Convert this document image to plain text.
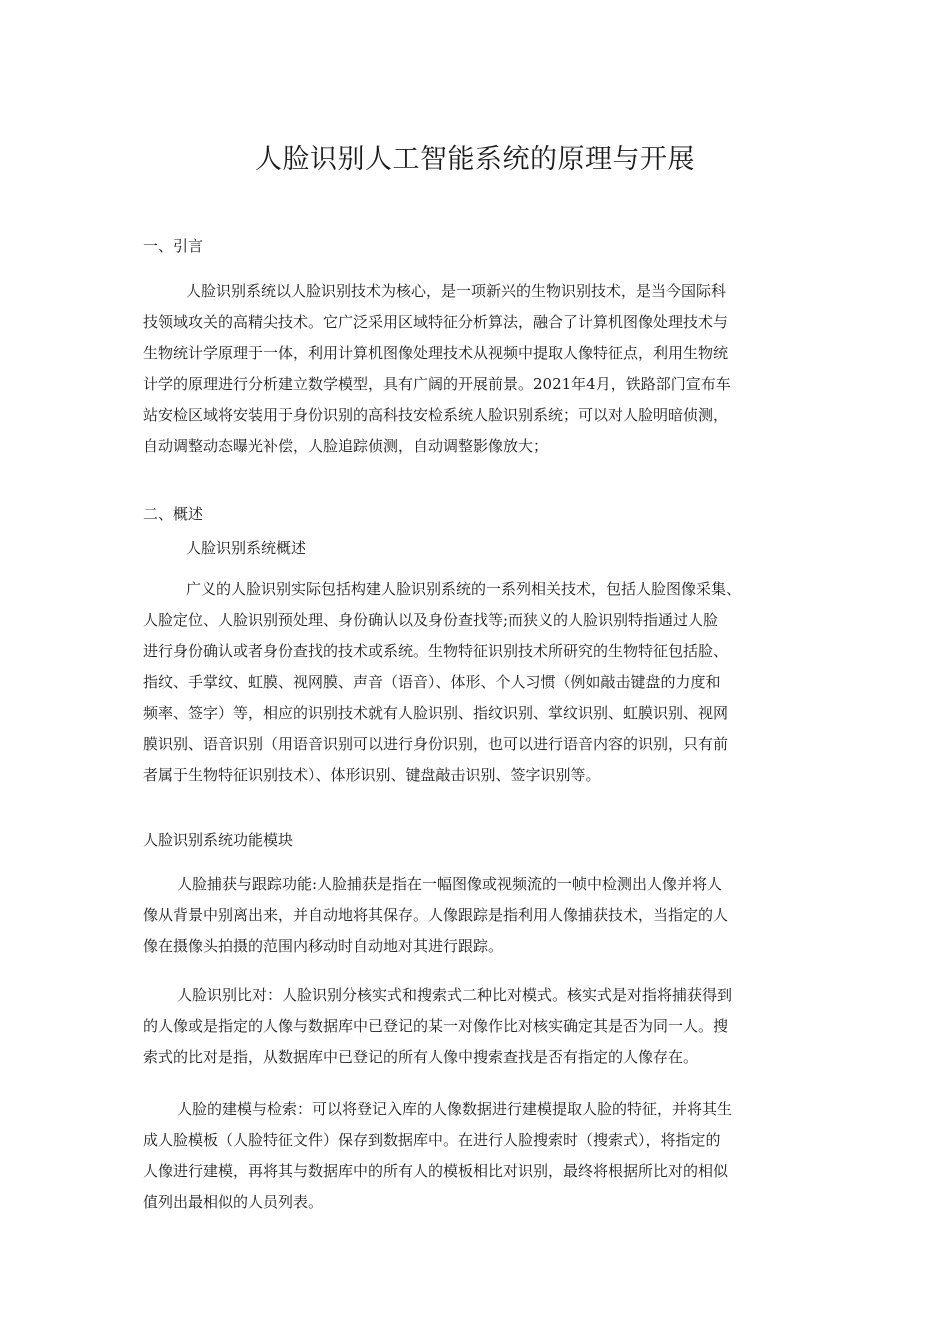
人脸识别人工智能系统的原理与开展
一、引言
人脸识别系统以人脸识别技术为核心，是一项新兴的生物识别技术，是当今国际科
技领域攻关的高精尖技术。它广泛采用区域特征分析算法，融合了计算机图像处理技术与
生物统计学原理于一体，利用计算机图像处理技术从视频中提取人像特征点，利用生物统
计学的原理进行分析建立数学模型，具有广阔的开展前景。2021年4月，铁路部门宣布车
站安检区域将安装用于身份识别的高科技安检系统人脸识别系统；可以对人脸明暗侦测，
自动调整动态曝光补偿，人脸追踪侦测，自动调整影像放大；
二、概述
人脸识别系统概述
广义的人脸识别实际包括构建人脸识别系统的一系列相关技术，包括人脸图像采集、
人脸定位、人脸识别预处理、身份确认以及身份查找等;而狭义的人脸识别特指通过人脸
进行身份确认或者身份查找的技术或系统。生物特征识别技术所研究的生物特征包括脸、
指纹、手掌纹、虹膜、视网膜、声音（语音）、体形、个人习惯（例如敲击键盘的力度和
频率、签字）等，相应的识别技术就有人脸识别、指纹识别、掌纹识别、虹膜识别、视网
膜识别、语音识别（用语音识别可以进行身份识别，也可以进行语音内容的识别，只有前
者属于生物特征识别技术）、体形识别、键盘敲击识别、签字识别等。
人脸识别系统功能模块
人脸捕获与跟踪功能:人脸捕获是指在一幅图像或视频流的一帧中检测出人像并将人
像从背景中别离出来，并自动地将其保存。人像跟踪是指利用人像捕获技术，当指定的人
像在摄像头拍摄的范围内移动时自动地对其进行跟踪。
人脸识别比对：人脸识别分核实式和搜索式二种比对模式。核实式是对指将捕获得到
的人像或是指定的人像与数据库中已登记的某一对像作比对核实确定其是否为同一人。搜
索式的比对是指，从数据库中已登记的所有人像中搜索查找是否有指定的人像存在。
人脸的建模与检索：可以将登记入库的人像数据进行建模提取人脸的特征，并将其生
成人脸模板（人脸特征文件）保存到数据库中。在进行人脸搜索时（搜索式），将指定的
人像进行建模，再将其与数据库中的所有人的模板相比对识别，最终将根据所比对的相似
值列出最相似的人员列表。
